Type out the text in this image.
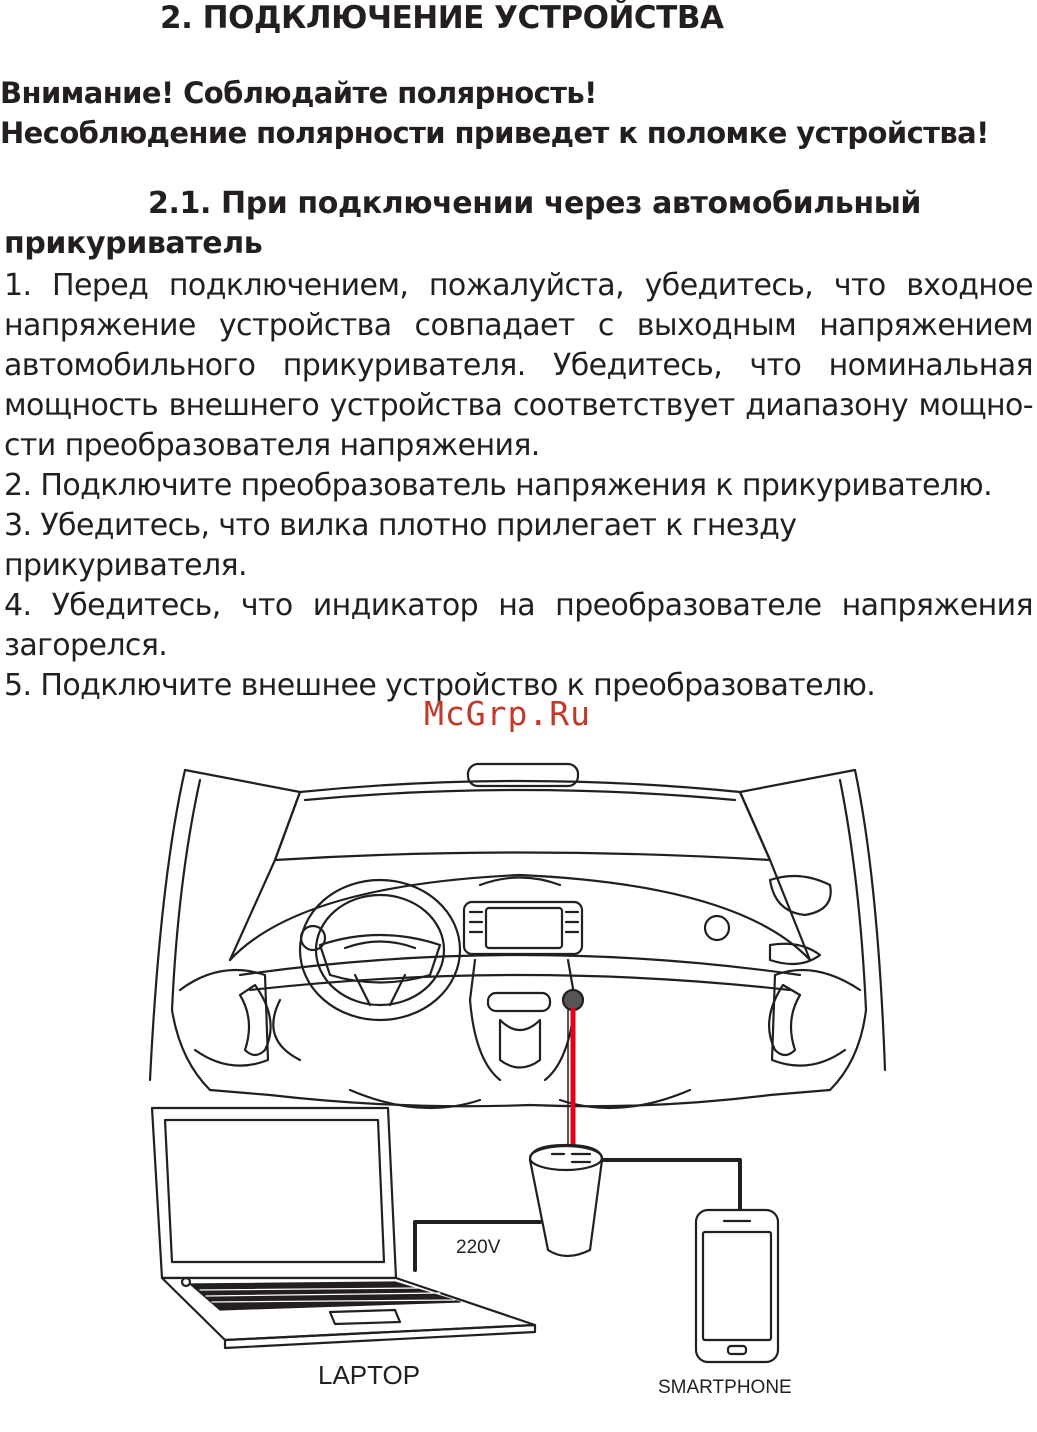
2. ПОДКЛЮЧЕНИЕ УСТРОЙСТВА
Внимание! Соблюдайте полярность!
Несоблюдение полярности приведет к поломке устройства!
2.1. При подключении через автомобильный
прикуриватель
1. Перед подключением, пожалуйста, убедитесь, что входное
напряжение устройства совпадает с выходным напряжением
автомобильного прикуривателя. Убедитесь, что номинальная
мощность внешнего устройства соответствует диапазону мощно-
сти преобразователя напряжения.
2. Подключите преобразователь напряжения к прикуривателю.
3. Убедитесь, что вилка плотно прилегает к гнезду прикуривателя.
4. Убедитесь, что индикатор на преобразователе напряжения
загорелся.
5. Подключите внешнее устройство к преобразователю.
McGrp.Ru
220V
LAPTOP	SMARTPHONE
